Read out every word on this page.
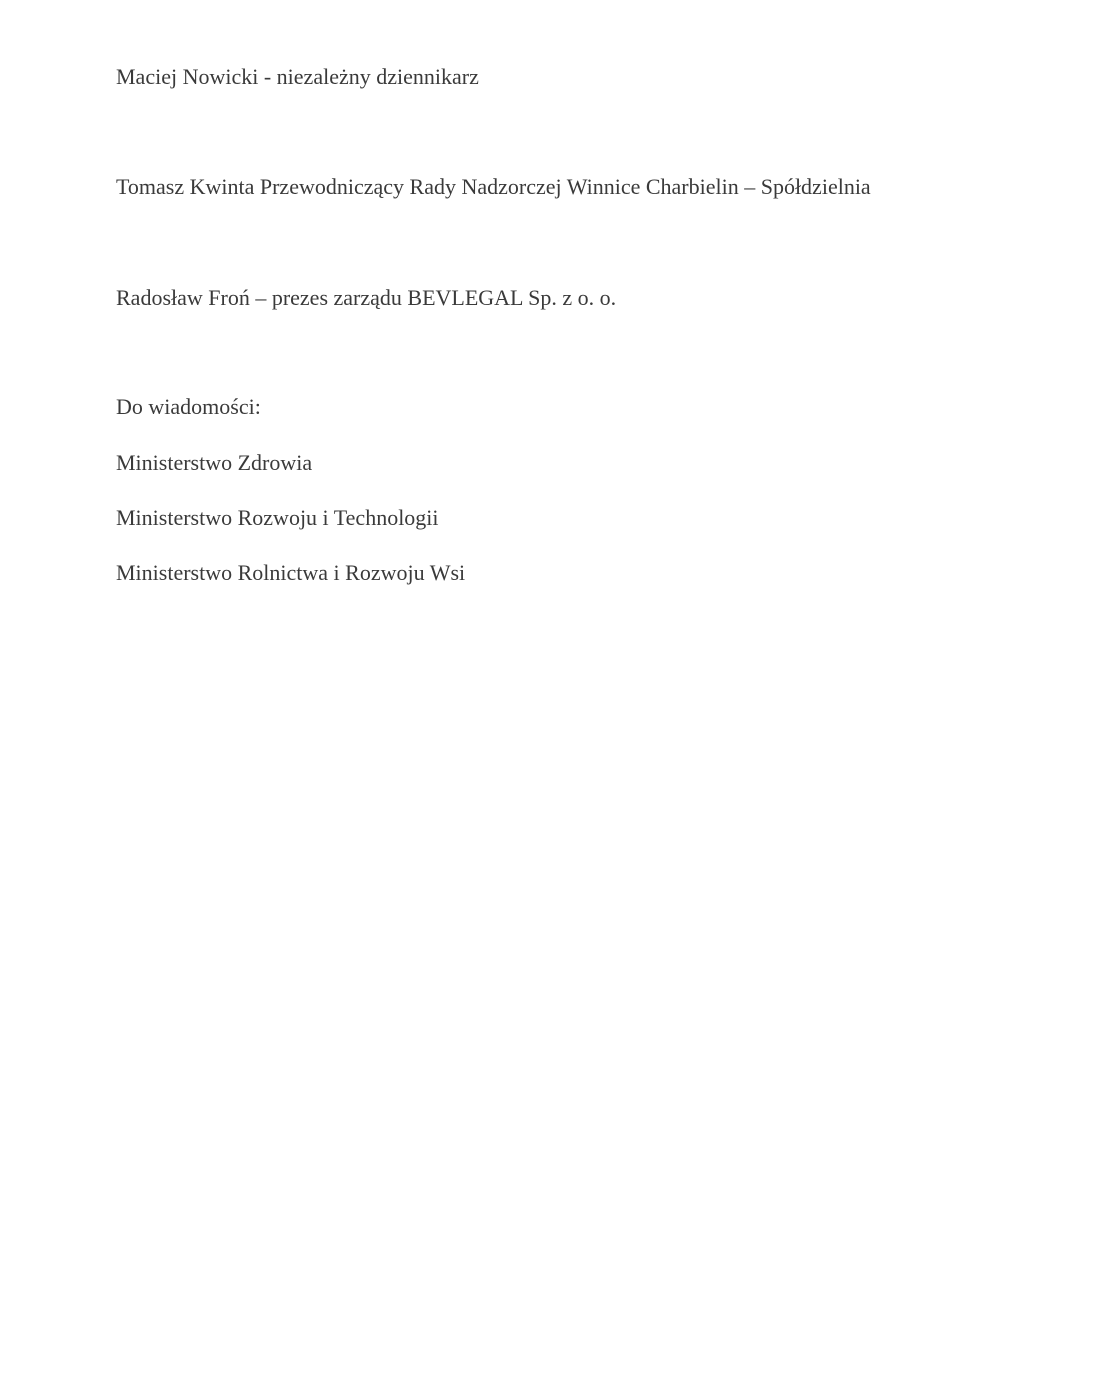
Maciej Nowicki - niezależny dziennikarz
Tomasz Kwinta Przewodniczący Rady Nadzorczej Winnice Charbielin – Spółdzielnia
Radosław Froń – prezes zarządu BEVLEGAL Sp. z o. o.
Do wiadomości:
Ministerstwo Zdrowia
Ministerstwo Rozwoju i Technologii
Ministerstwo Rolnictwa i Rozwoju Wsi
